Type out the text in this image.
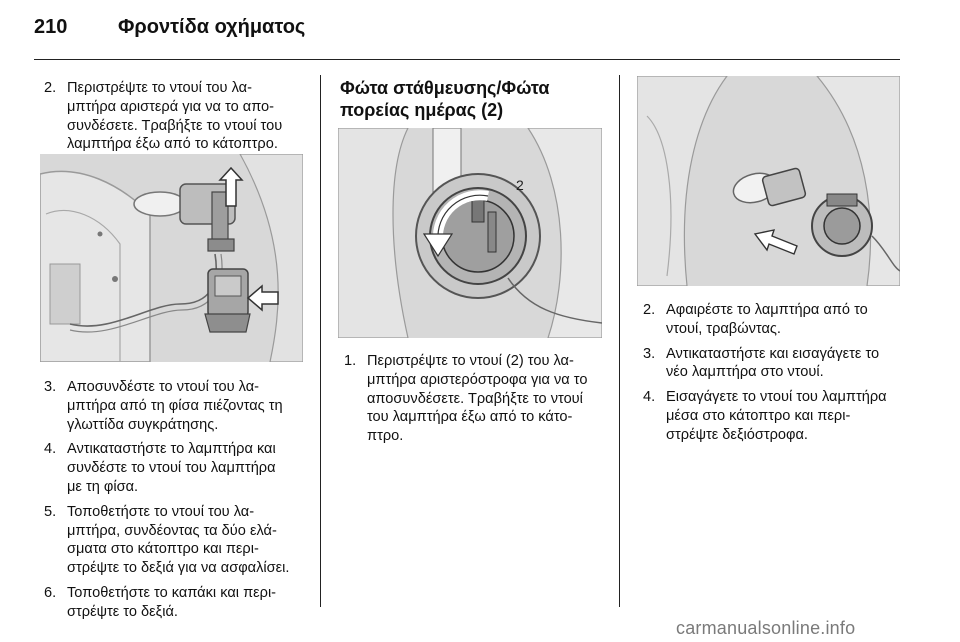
210	Φροντίδα οχήματος
2. Περιστρέψτε το ντουί του λα-
μπτήρα αριστερά για να το απο-
συνδέσετε. Τραβήξτε το ντουί του
λαμπτήρα έξω από το κάτοπτρο.
3. Αποσυνδέστε το ντουί του λα-
μπτήρα από τη φίσα πιέζοντας τη
γλωττίδα συγκράτησης.
4. Αντικαταστήστε το λαμπτήρα και
συνδέστε το ντουί του λαμπτήρα
με τη φίσα.
5. Τοποθετήστε το ντουί του λα-
μπτήρα, συνδέοντας τα δύο ελά-
σματα στο κάτοπτρο και περι-
στρέψτε το δεξιά για να ασφαλίσει.
6. Τοποθετήστε το καπάκι και περι-
στρέψτε το δεξιά.
Φώτα στάθμευσης/Φώτα
πορείας ημέρας (2)
2
1. Περιστρέψτε το ντουί (2) του λα-
μπτήρα αριστερόστροφα για να το
αποσυνδέσετε. Τραβήξτε το ντουί
του λαμπτήρα έξω από το κάτο-
πτρο.
2. Αφαιρέστε το λαμπτήρα από το
ντουί, τραβώντας.
3. Αντικαταστήστε και εισαγάγετε το
νέο λαμπτήρα στο ντουί.
4. Εισαγάγετε το ντουί του λαμπτήρα
μέσα στο κάτοπτρο και περι-
στρέψτε δεξιόστροφα.
carmanualsonline.info
